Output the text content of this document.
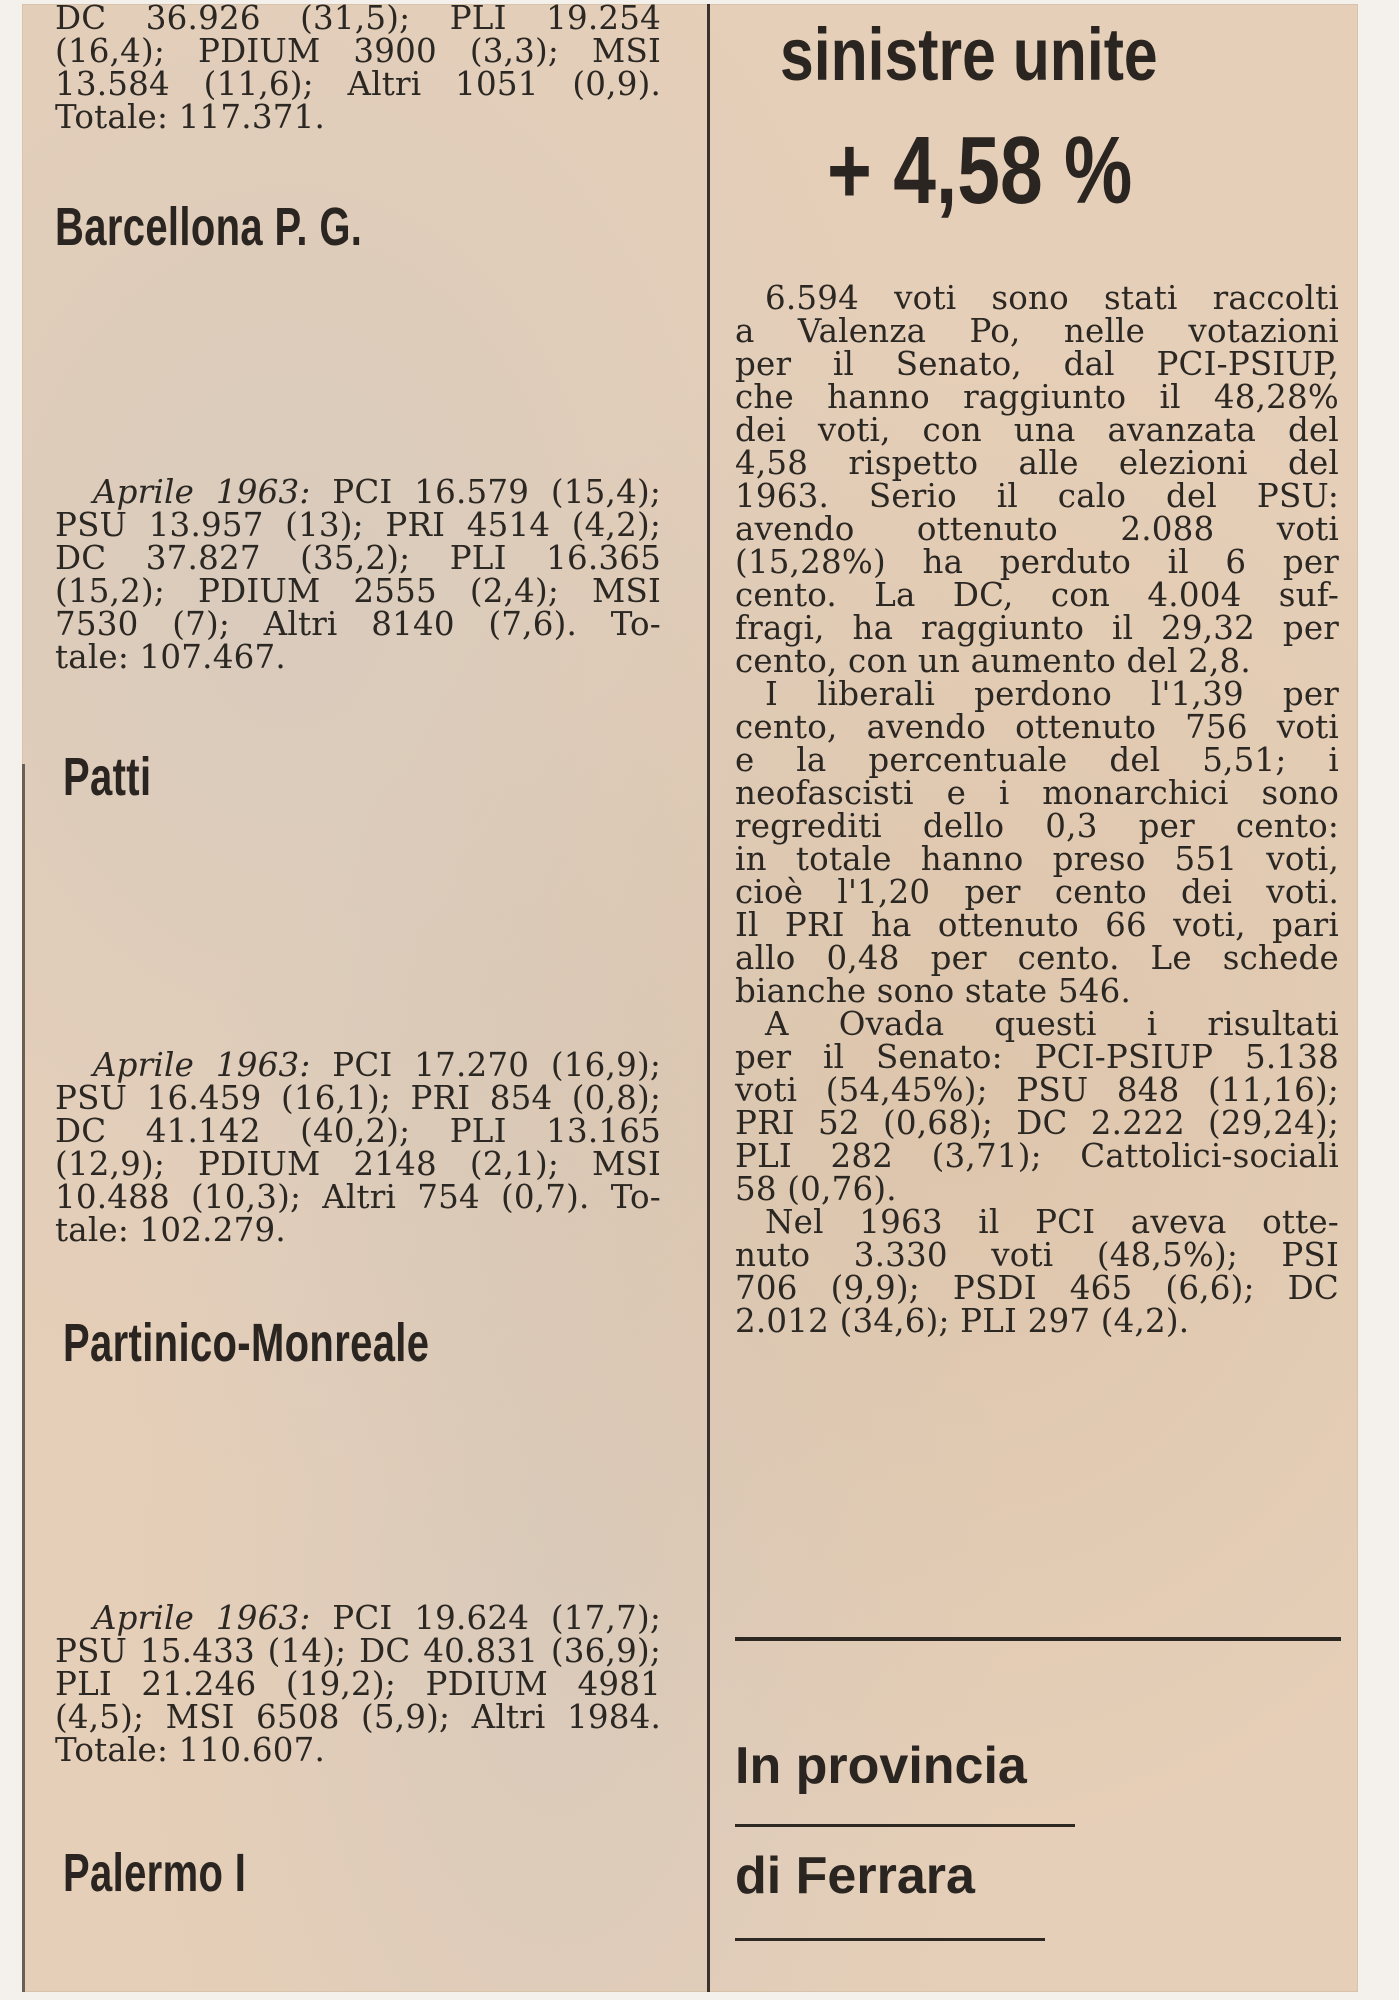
DC 36.926 (31,5); PLI 19.254
(16,4); PDIUM 3900 (3,3); MSI
13.584 (11,6); Altri 1051 (0,9).
Totale: 117.371.
Barcellona P. G.
Aprile 1963: PCI 16.579 (15,4);
PSU 13.957 (13); PRI 4514 (4,2);
DC 37.827 (35,2); PLI 16.365
(15,2); PDIUM 2555 (2,4); MSI
7530 (7); Altri 8140 (7,6). To-
tale: 107.467.
Patti
Aprile 1963: PCI 17.270 (16,9);
PSU 16.459 (16,1); PRI 854 (0,8);
DC 41.142 (40,2); PLI 13.165
(12,9); PDIUM 2148 (2,1); MSI
10.488 (10,3); Altri 754 (0,7). To-
tale: 102.279.
Partinico-Monreale
Aprile 1963: PCI 19.624 (17,7);
PSU 15.433 (14); DC 40.831 (36,9);
PLI 21.246 (19,2); PDIUM 4981
(4,5); MSI 6508 (5,9); Altri 1984.
Totale: 110.607.
Palermo I
sinistre unite
+ 4,58 %
6.594 voti sono stati raccolti
a Valenza Po, nelle votazioni
per il Senato, dal PCI-PSIUP,
che hanno raggiunto il 48,28%
dei voti, con una avanzata del
4,58 rispetto alle elezioni del
1963. Serio il calo del PSU:
avendo ottenuto 2.088 voti
(15,28%) ha perduto il 6 per
cento. La DC, con 4.004 suf-
fragi, ha raggiunto il 29,32 per
cento, con un aumento del 2,8.
I liberali perdono l'1,39 per
cento, avendo ottenuto 756 voti
e la percentuale del 5,51; i
neofascisti e i monarchici sono
regrediti dello 0,3 per cento:
in totale hanno preso 551 voti,
cioè l'1,20 per cento dei voti.
Il PRI ha ottenuto 66 voti, pari
allo 0,48 per cento. Le schede
bianche sono state 546.
A Ovada questi i risultati
per il Senato: PCI-PSIUP 5.138
voti (54,45%); PSU 848 (11,16);
PRI 52 (0,68); DC 2.222 (29,24);
PLI 282 (3,71); Cattolici-sociali
58 (0,76).
Nel 1963 il PCI aveva otte-
nuto 3.330 voti (48,5%); PSI
706 (9,9); PSDI 465 (6,6); DC
2.012 (34,6); PLI 297 (4,2).
In provincia
di Ferrara
